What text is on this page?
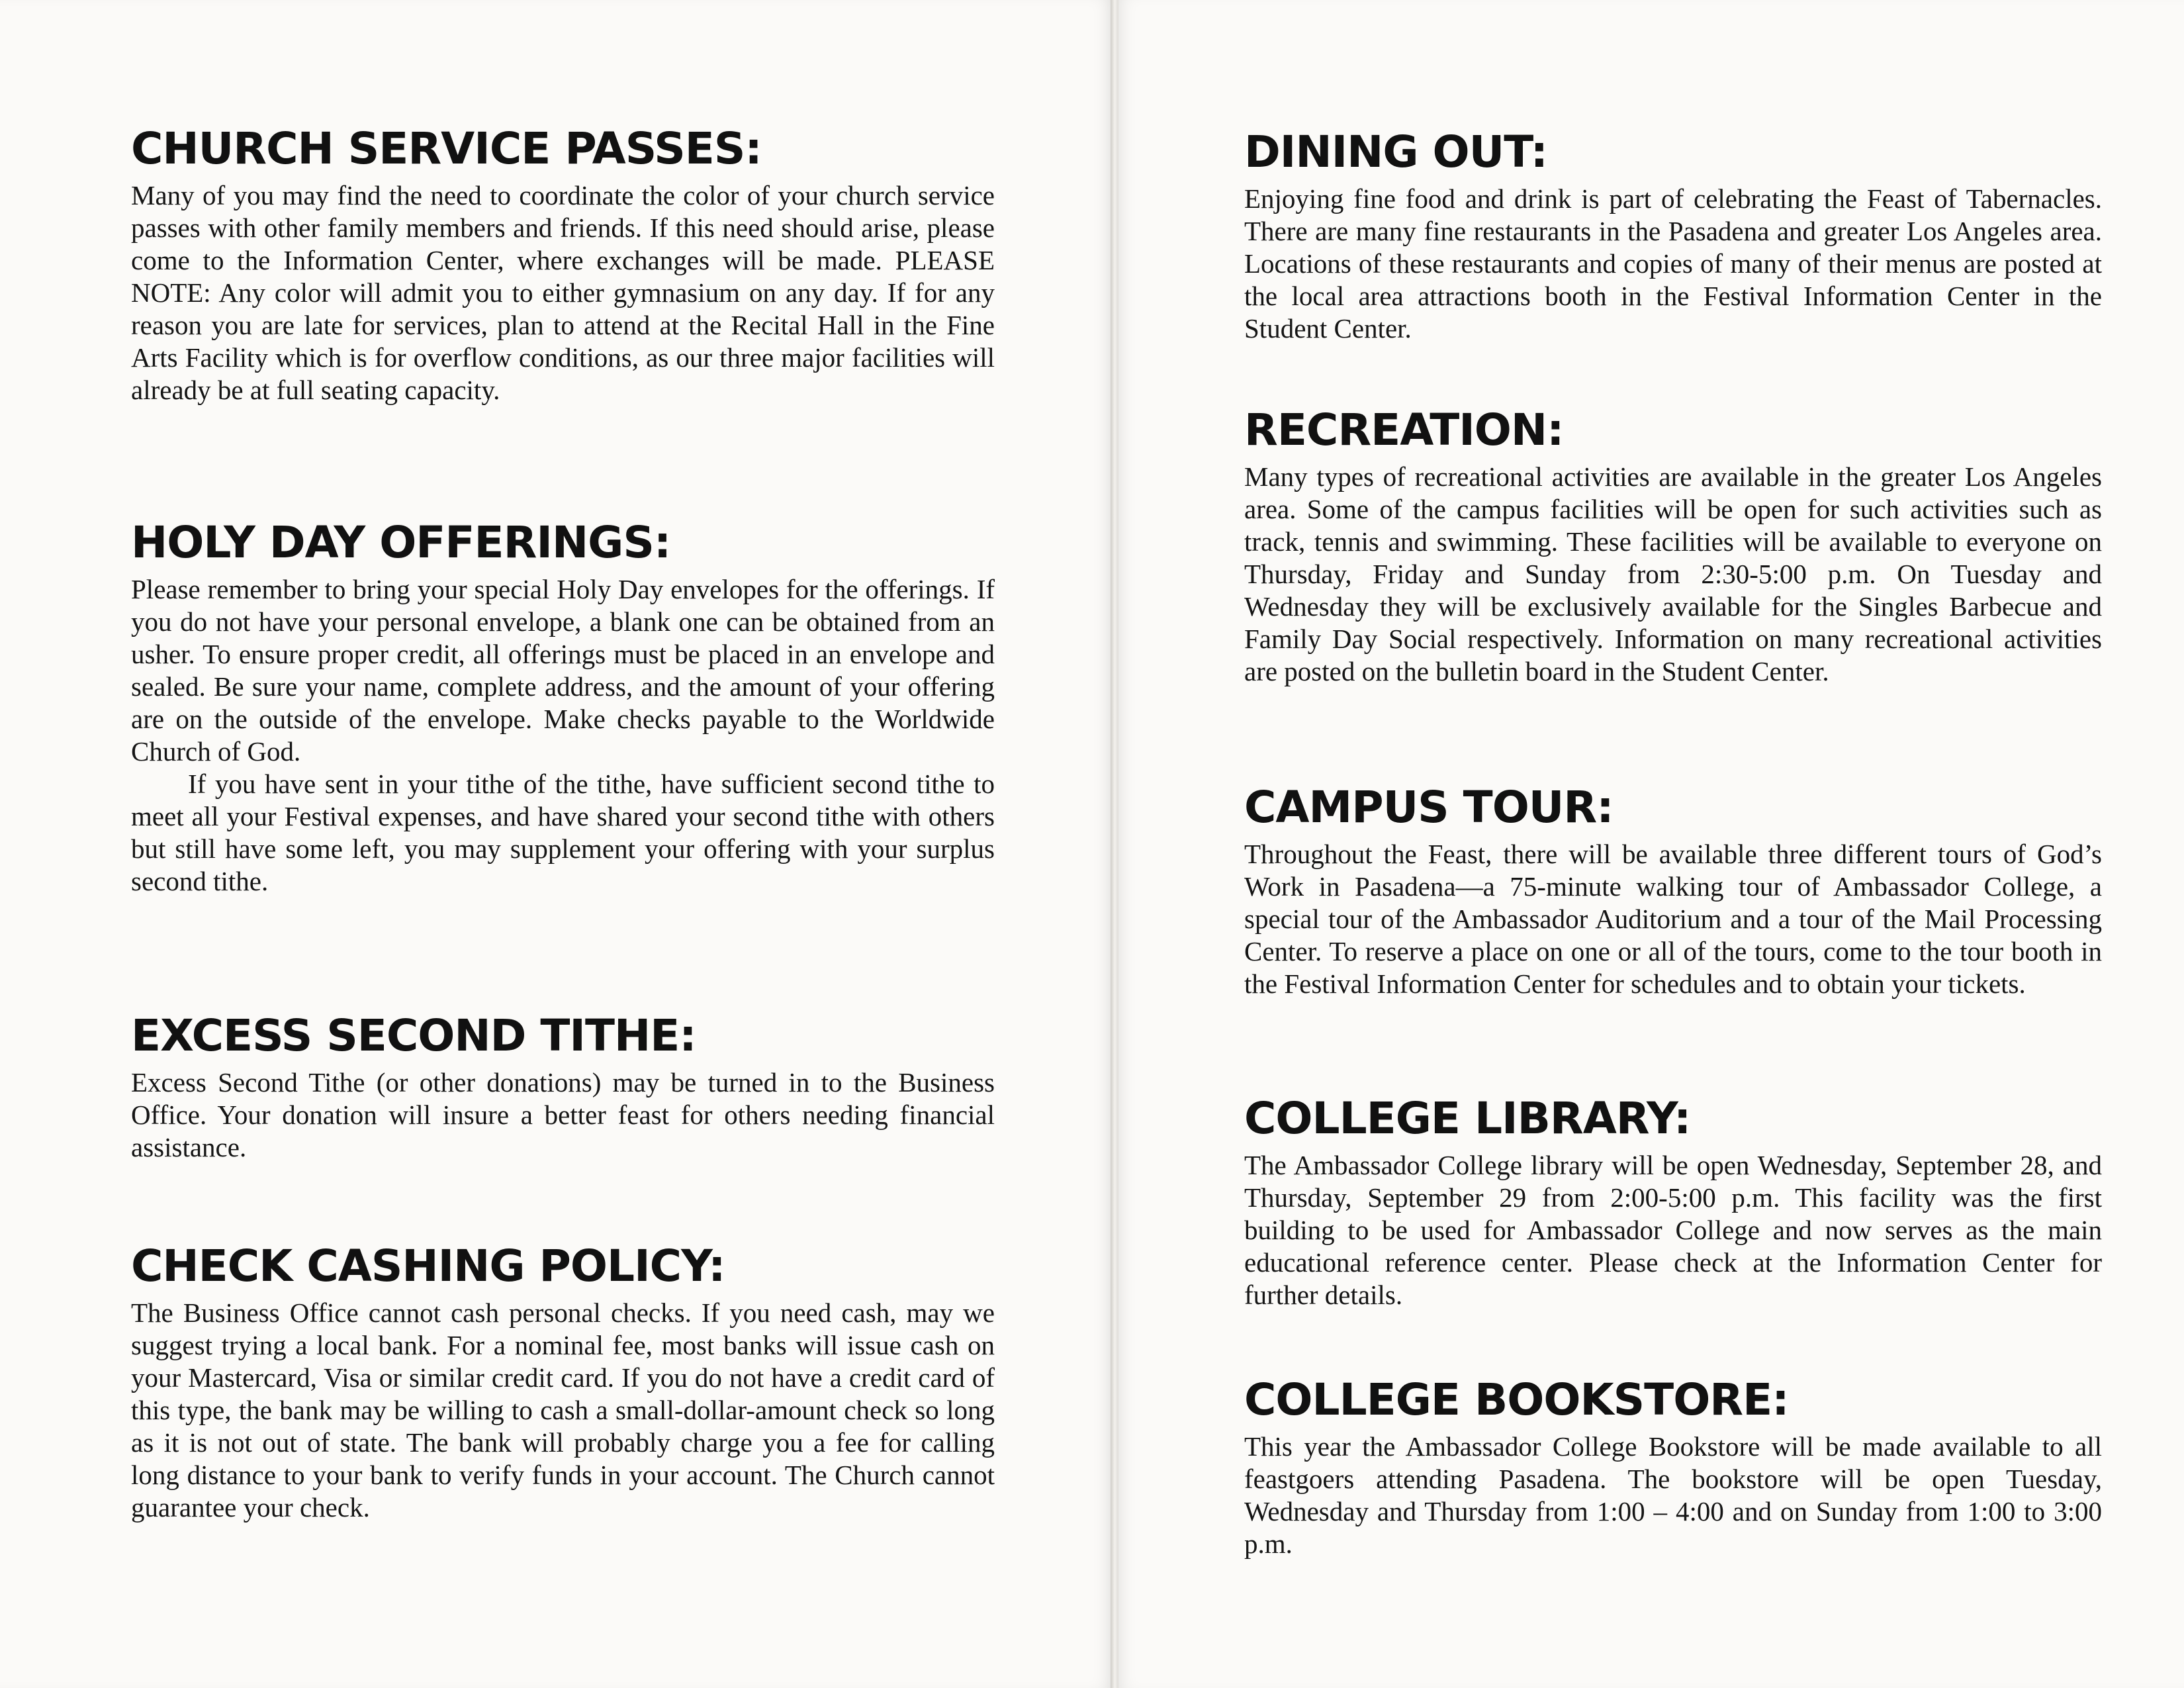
CHURCH SERVICE PASSES:

Many of you may find the need to coordinate the color of your church service passes with other family members and friends. If this need should arise, please come to the Information Center, where exchanges will be made. PLEASE NOTE: Any color will admit you to either gymnasium on any day. If for any reason you are late for services, plan to attend at the Recital Hall in the Fine Arts Facility which is for overflow conditions, as our three major facilities will already be at full seating capacity.

HOLY DAY OFFERINGS:

Please remember to bring your special Holy Day envelopes for the offerings. If you do not have your personal envelope, a blank one can be obtained from an usher. To ensure proper credit, all offerings must be placed in an envelope and sealed. Be sure your name, complete address, and the amount of your offering are on the outside of the envelope. Make checks payable to the Worldwide Church of God.

If you have sent in your tithe of the tithe, have sufficient second tithe to meet all your Festival expenses, and have shared your second tithe with others but still have some left, you may supplement your offering with your surplus second tithe.

EXCESS SECOND TITHE:

Excess Second Tithe (or other donations) may be turned in to the Business Office. Your donation will insure a better feast for others needing financial assistance.

CHECK CASHING POLICY:

The Business Office cannot cash personal checks. If you need cash, may we suggest trying a local bank. For a nominal fee, most banks will issue cash on your Mastercard, Visa or similar credit card. If you do not have a credit card of this type, the bank may be willing to cash a small-dollar-amount check so long as it is not out of state. The bank will probably charge you a fee for calling long distance to your bank to verify funds in your account. The Church cannot guarantee your check.

DINING OUT:

Enjoying fine food and drink is part of celebrating the Feast of Tabernacles. There are many fine restaurants in the Pasadena and greater Los Angeles area. Locations of these restaurants and copies of many of their menus are posted at the local area attractions booth in the Festival Information Center in the Student Center.

RECREATION:

Many types of recreational activities are available in the greater Los Angeles area. Some of the campus facilities will be open for such activities such as track, tennis and swimming. These facilities will be available to everyone on Thursday, Friday and Sunday from 2:30-5:00 p.m. On Tuesday and Wednesday they will be exclusively available for the Singles Barbecue and Family Day Social respectively. Information on many recreational activities are posted on the bulletin board in the Student Center.

CAMPUS TOUR:

Throughout the Feast, there will be available three different tours of God’s Work in Pasadena—a 75-minute walking tour of Ambassador College, a special tour of the Ambassador Auditorium and a tour of the Mail Processing Center. To reserve a place on one or all of the tours, come to the tour booth in the Festival Information Center for schedules and to obtain your tickets.

COLLEGE LIBRARY:

The Ambassador College library will be open Wednesday, September 28, and Thursday, September 29 from 2:00-5:00 p.m. This facility was the first building to be used for Ambassador College and now serves as the main educational reference center. Please check at the Information Center for further details.

COLLEGE BOOKSTORE:

This year the Ambassador College Bookstore will be made available to all feastgoers attending Pasadena. The bookstore will be open Tuesday, Wednesday and Thursday from 1:00 – 4:00 and on Sunday from 1:00 to 3:00 p.m.
